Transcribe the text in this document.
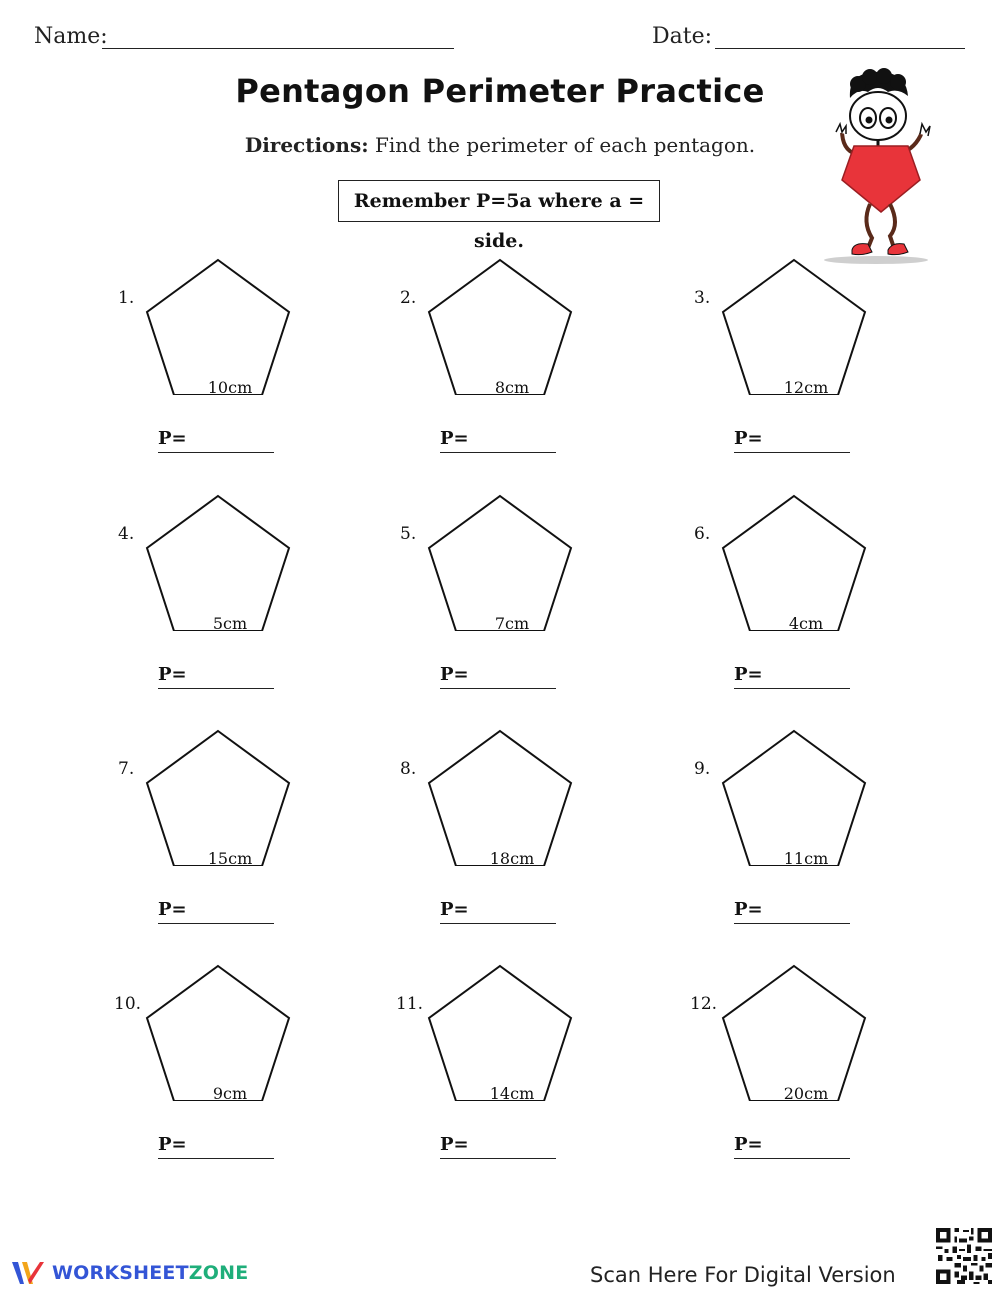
Name:	Date:
Pentagon Perimeter Practice
Directions: Find the perimeter of each pentagon.
Remember P=5a where a = side.
1.
10cm
P=
2.
8cm
P=
3.
12cm
P=
4.
5cm
P=
5.
7cm
P=
6.
4cm
P=
7.
15cm
P=
8.
18cm
P=
9.
11cm
P=
10.
9cm
P=
11.
14cm
P=
12.
20cm
P=
WORKSHEETZONE	Scan Here For Digital Version
